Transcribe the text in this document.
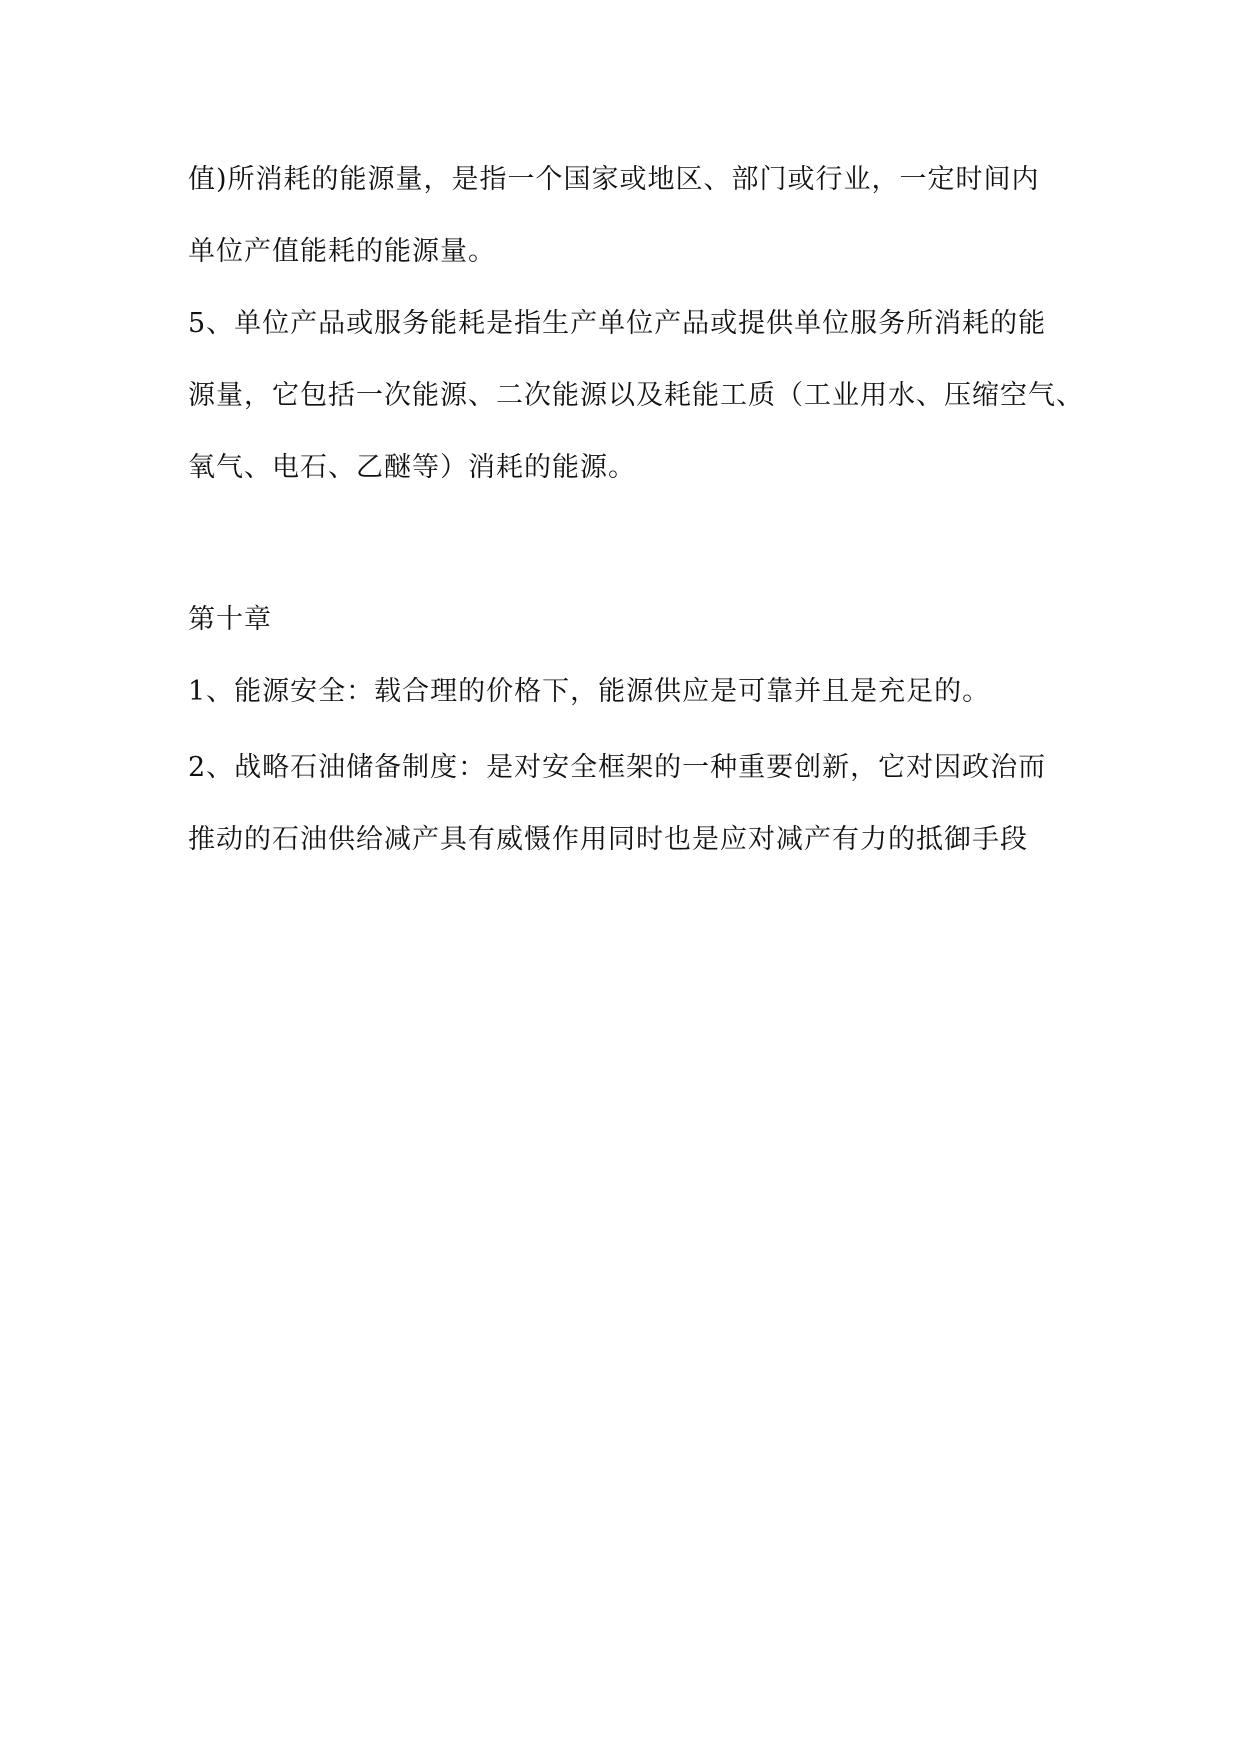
值)所消耗的能源量，是指一个国家或地区、部门或行业，一定时间内
单位产值能耗的能源量。
5、单位产品或服务能耗是指生产单位产品或提供单位服务所消耗的能
源量，它包括一次能源、二次能源以及耗能工质（工业用水、压缩空气、
氧气、电石、乙醚等）消耗的能源。
第十章
1、能源安全：载合理的价格下，能源供应是可靠并且是充足的。
2、战略石油储备制度：是对安全框架的一种重要创新，它对因政治而
推动的石油供给减产具有威慑作用同时也是应对减产有力的抵御手段
